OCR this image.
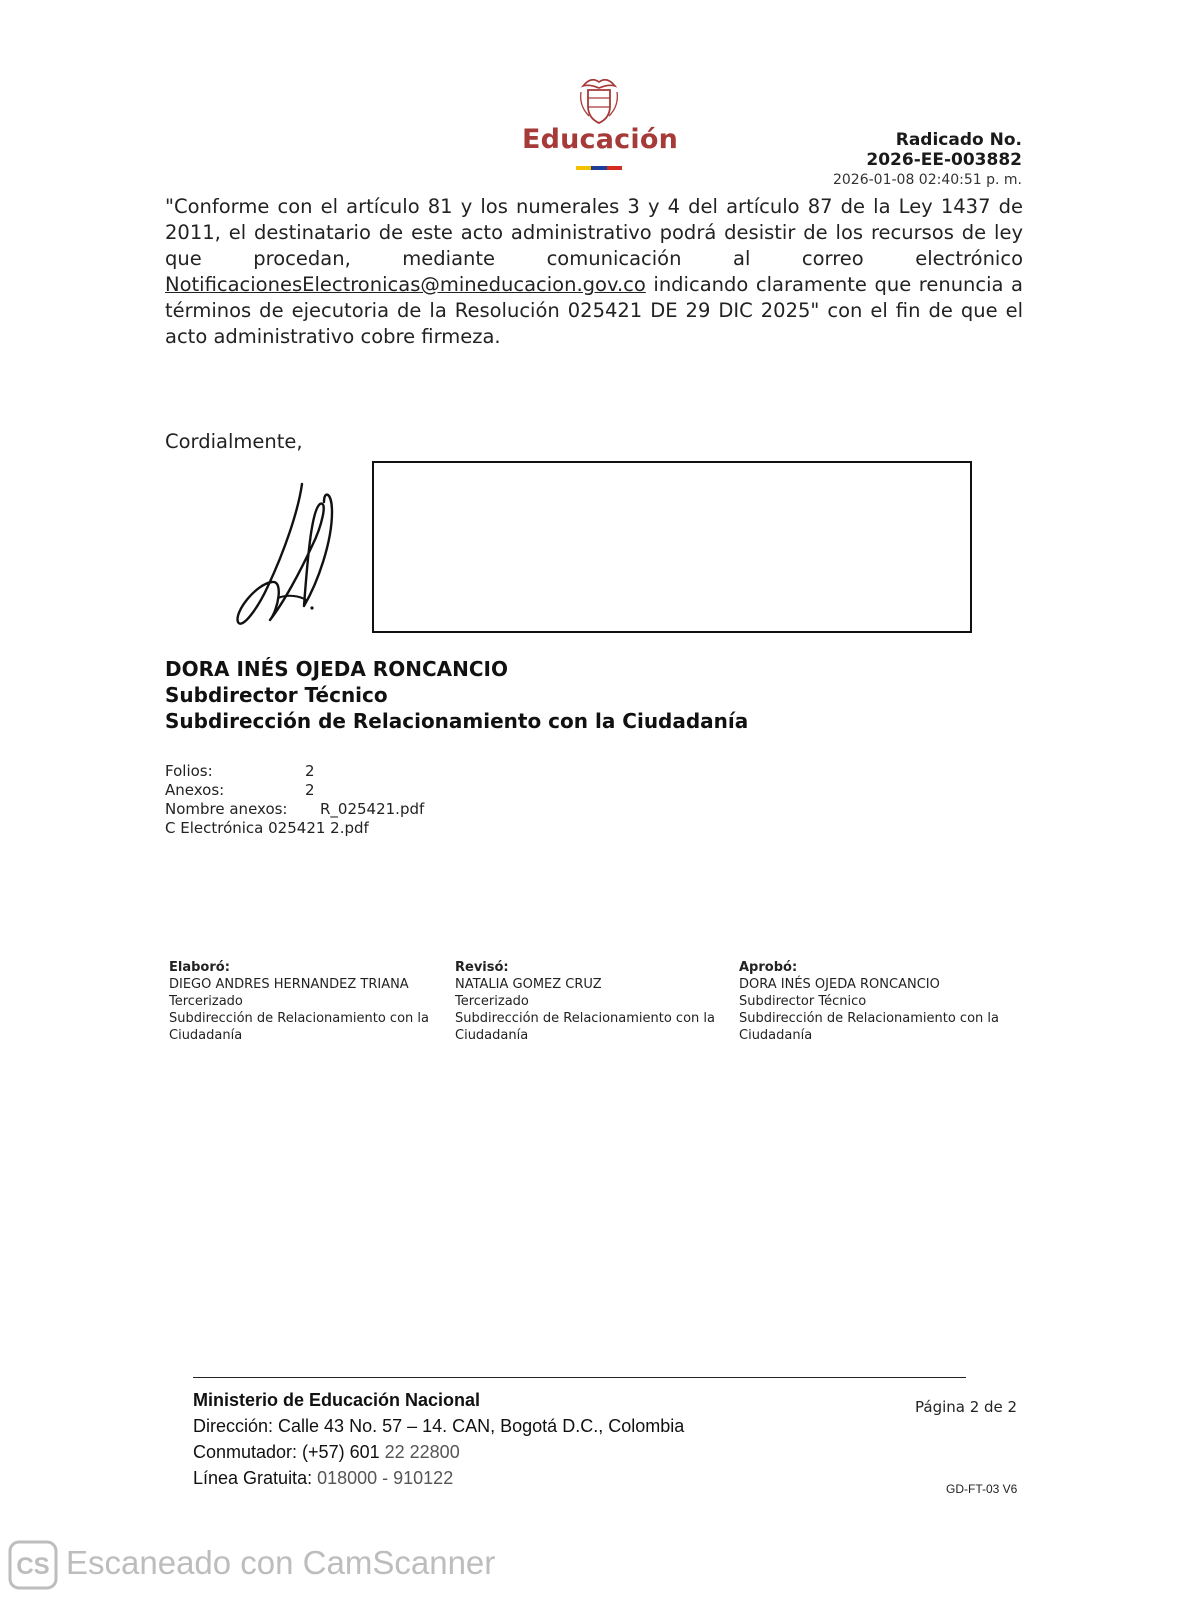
Educación	Radicado No.
2026-EE-003882
2026-01-08 02:40:51 p. m.
"Conforme con el artículo 81 y los numerales 3 y 4 del artículo 87 de la Ley 1437 de 2011, el destinatario de este acto administrativo podrá desistir de los recursos de ley que procedan, mediante comunicación al correo electrónico NotificacionesElectronicas@mineducacion.gov.co indicando claramente que renuncia a términos de ejecutoria de la Resolución 025421 DE 29 DIC 2025" con el fin de que el acto administrativo cobre firmeza.
Cordialmente,
DORA INÉS OJEDA RONCANCIO
Subdirector Técnico
Subdirección de Relacionamiento con la Ciudadanía
Folios:	2
Anexos:	2
Nombre anexos:	R_025421.pdf
C Electrónica 025421 2.pdf
Elaboró:
DIEGO ANDRES HERNANDEZ TRIANA
Tercerizado
Subdirección de Relacionamiento con la Ciudadanía
Revisó:
NATALIA GOMEZ CRUZ
Tercerizado
Subdirección de Relacionamiento con la Ciudadanía
Aprobó:
DORA INÉS OJEDA RONCANCIO
Subdirector Técnico
Subdirección de Relacionamiento con la Ciudadanía
Ministerio de Educación Nacional
Dirección: Calle 43 No. 57 – 14. CAN, Bogotá D.C., Colombia
Conmutador: (+57) 601 22 22800
Línea Gratuita: 018000 - 910122
Página 2 de 2
GD-FT-03 V6
CS Escaneado con CamScanner
